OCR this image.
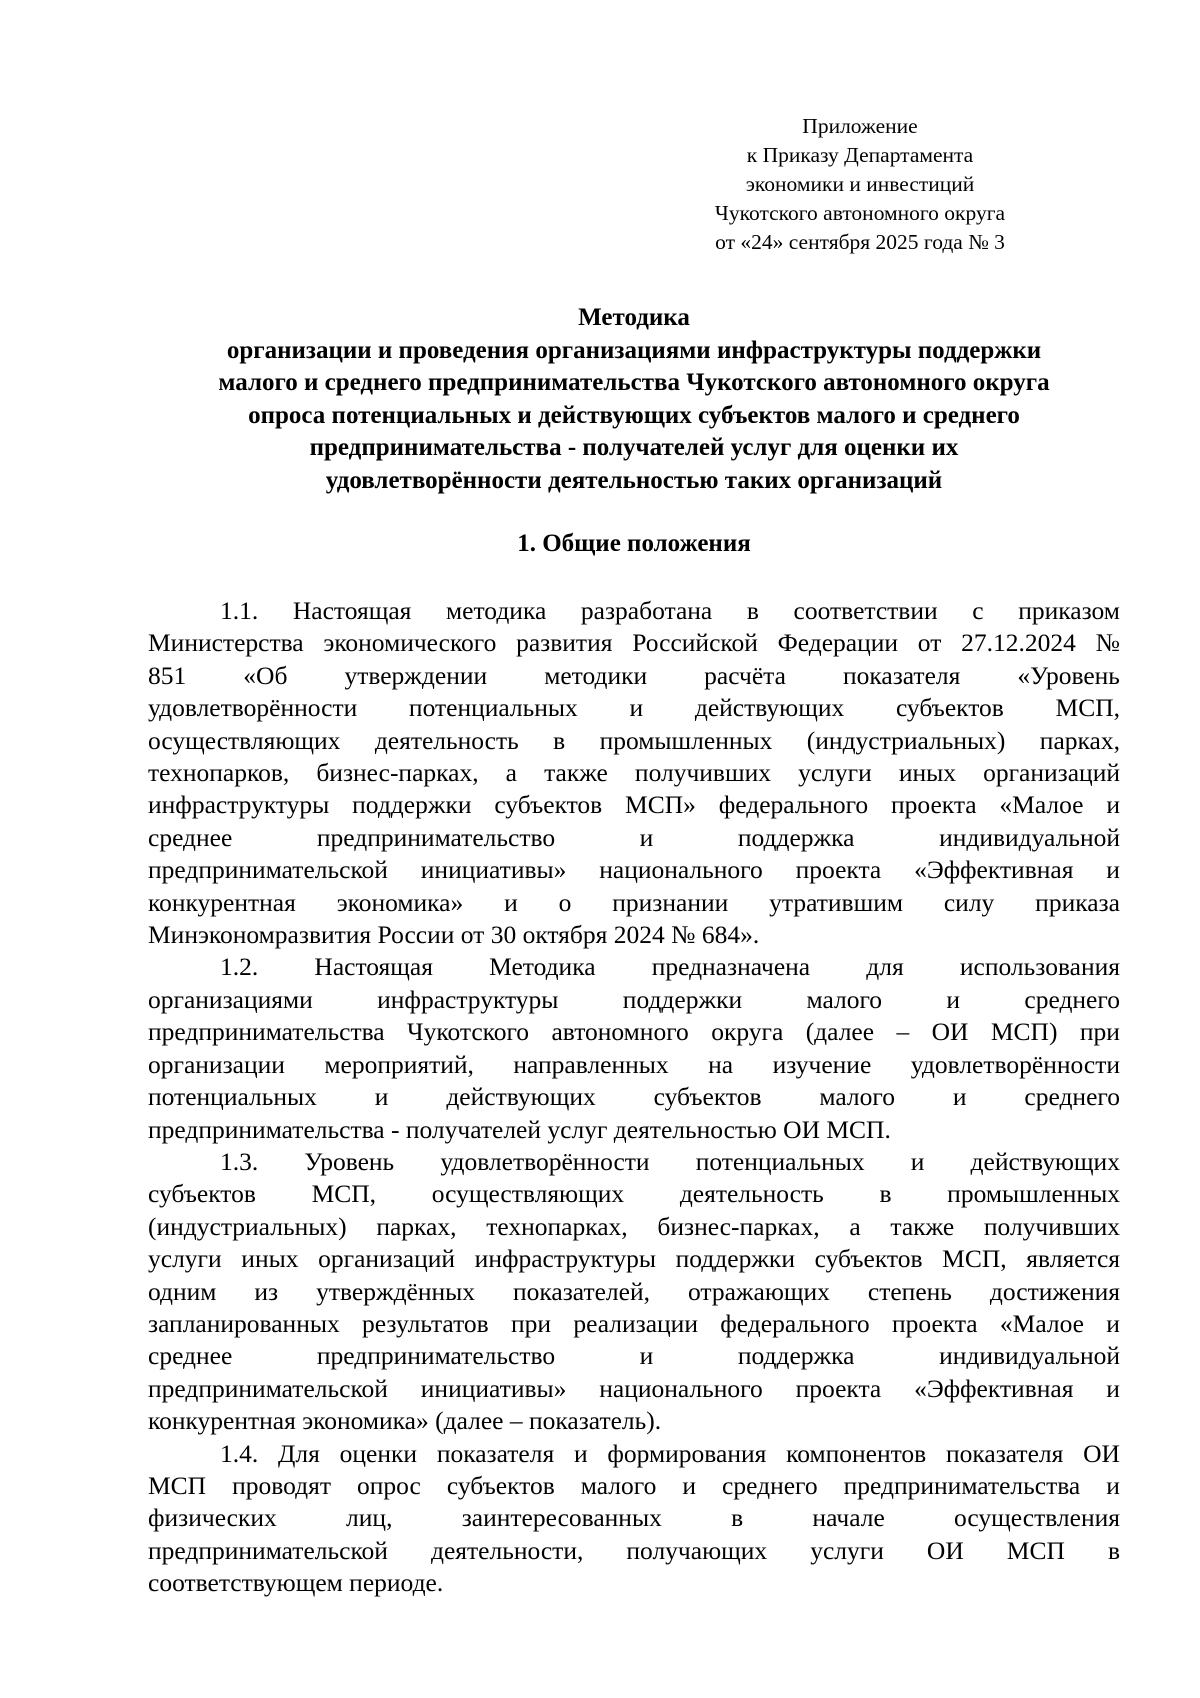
Приложение
к Приказу Департамента
экономики и инвестиций
Чукотского автономного округа
от «24» сентября 2025 года № 3
Методика
организации и проведения организациями инфраструктуры поддержки
малого и среднего предпринимательства Чукотского автономного округа
опроса потенциальных и действующих субъектов малого и среднего
предпринимательства - получателей услуг для оценки их
удовлетворённости деятельностью таких организаций
1. Общие положения
1.1. Настоящая методика разработана в соответствии с приказом
Министерства экономического развития Российской Федерации от 27.12.2024 №
851 «Об утверждении методики расчёта показателя «Уровень
удовлетворённости потенциальных и действующих субъектов МСП,
осуществляющих деятельность в промышленных (индустриальных) парках,
технопарков, бизнес-парках, а также получивших услуги иных организаций
инфраструктуры поддержки субъектов МСП» федерального проекта «Малое и
среднее	предпринимательство	и	поддержка	индивидуальной
предпринимательской инициативы» национального проекта «Эффективная и
конкурентная экономика» и о признании утратившим силу приказа
Минэкономразвития России от 30 октября 2024 № 684».
1.2. Настоящая Методика предназначена для использования
организациями	инфраструктуры	поддержки	малого	и	среднего
предпринимательства Чукотского автономного округа (далее – ОИ МСП) при
организации мероприятий, направленных на изучение удовлетворённости
потенциальных и действующих субъектов малого и среднего
предпринимательства - получателей услуг деятельностью ОИ МСП.
1.3. Уровень удовлетворённости потенциальных и действующих
субъектов МСП, осуществляющих деятельность в промышленных
(индустриальных) парках, технопарках, бизнес-парках, а также получивших
услуги иных организаций инфраструктуры поддержки субъектов МСП, является
одним из утверждённых показателей, отражающих степень достижения
запланированных результатов при реализации федерального проекта «Малое и
среднее	предпринимательство	и	поддержка	индивидуальной
предпринимательской инициативы» национального проекта «Эффективная и
конкурентная экономика» (далее – показатель).
1.4. Для оценки показателя и формирования компонентов показателя ОИ
МСП проводят опрос субъектов малого и среднего предпринимательства и
физических	лиц,	заинтересованных	в	начале	осуществления
предпринимательской деятельности, получающих услуги ОИ МСП в
соответствующем периоде.
